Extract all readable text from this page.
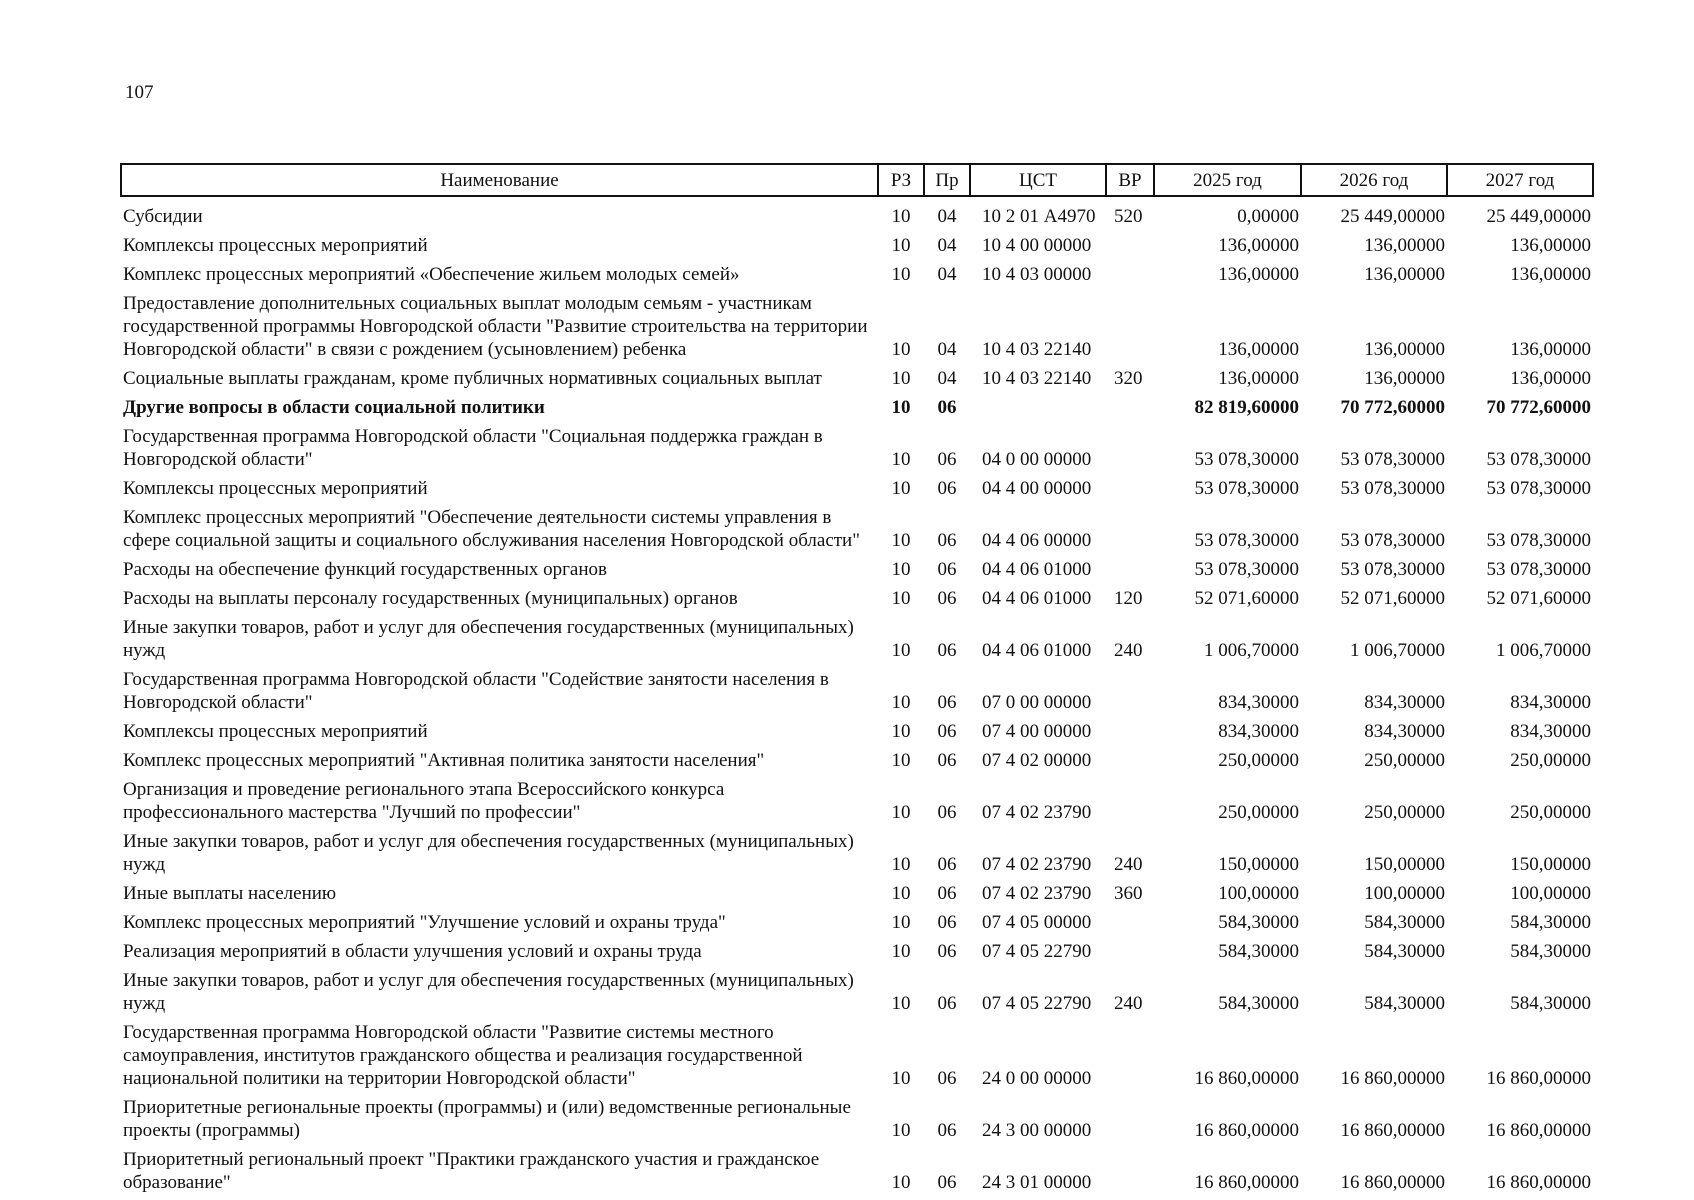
107
Наименование	РЗ	Пр	ЦСТ	ВР	2025 год	2026 год	2027 год
Субсидии	10	04	10 2 01 А4970	520	0,00000	25 449,00000	25 449,00000
Комплексы процессных мероприятий	10	04	10 4 00 00000		136,00000	136,00000	136,00000
Комплекс процессных мероприятий «Обеспечение жильем молодых семей»	10	04	10 4 03 00000		136,00000	136,00000	136,00000
Предоставление дополнительных социальных выплат молодым семьям - участникам государственной программы Новгородской области "Развитие строительства на территории Новгородской области" в связи с рождением (усыновлением) ребенка	10	04	10 4 03 22140		136,00000	136,00000	136,00000
Социальные выплаты гражданам, кроме публичных нормативных социальных выплат	10	04	10 4 03 22140	320	136,00000	136,00000	136,00000
Другие вопросы в области социальной политики	10	06			82 819,60000	70 772,60000	70 772,60000
Государственная программа Новгородской области "Социальная поддержка граждан в Новгородской области"	10	06	04 0 00 00000		53 078,30000	53 078,30000	53 078,30000
Комплексы процессных мероприятий	10	06	04 4 00 00000		53 078,30000	53 078,30000	53 078,30000
Комплекс процессных мероприятий "Обеспечение деятельности системы управления в сфере социальной защиты и социального обслуживания населения Новгородской области"	10	06	04 4 06 00000		53 078,30000	53 078,30000	53 078,30000
Расходы на обеспечение функций государственных органов	10	06	04 4 06 01000		53 078,30000	53 078,30000	53 078,30000
Расходы на выплаты персоналу государственных (муниципальных) органов	10	06	04 4 06 01000	120	52 071,60000	52 071,60000	52 071,60000
Иные закупки товаров, работ и услуг для обеспечения государственных (муниципальных) нужд	10	06	04 4 06 01000	240	1 006,70000	1 006,70000	1 006,70000
Государственная программа Новгородской области "Содействие занятости населения в Новгородской области"	10	06	07 0 00 00000		834,30000	834,30000	834,30000
Комплексы процессных мероприятий	10	06	07 4 00 00000		834,30000	834,30000	834,30000
Комплекс процессных мероприятий "Активная политика занятости населения"	10	06	07 4 02 00000		250,00000	250,00000	250,00000
Организация и проведение регионального этапа Всероссийского конкурса профессионального мастерства "Лучший по профессии"	10	06	07 4 02 23790		250,00000	250,00000	250,00000
Иные закупки товаров, работ и услуг для обеспечения государственных (муниципальных) нужд	10	06	07 4 02 23790	240	150,00000	150,00000	150,00000
Иные выплаты населению	10	06	07 4 02 23790	360	100,00000	100,00000	100,00000
Комплекс процессных мероприятий "Улучшение условий и охраны труда"	10	06	07 4 05 00000		584,30000	584,30000	584,30000
Реализация мероприятий в области улучшения условий и охраны труда	10	06	07 4 05 22790		584,30000	584,30000	584,30000
Иные закупки товаров, работ и услуг для обеспечения государственных (муниципальных) нужд	10	06	07 4 05 22790	240	584,30000	584,30000	584,30000
Государственная программа Новгородской области "Развитие системы местного самоуправления, институтов гражданского общества и реализация государственной национальной политики на территории Новгородской области"	10	06	24 0 00 00000		16 860,00000	16 860,00000	16 860,00000
Приоритетные региональные проекты (программы) и (или) ведомственные региональные проекты (программы)	10	06	24 3 00 00000		16 860,00000	16 860,00000	16 860,00000
Приоритетный региональный проект "Практики гражданского участия и гражданское образование"	10	06	24 3 01 00000		16 860,00000	16 860,00000	16 860,00000
